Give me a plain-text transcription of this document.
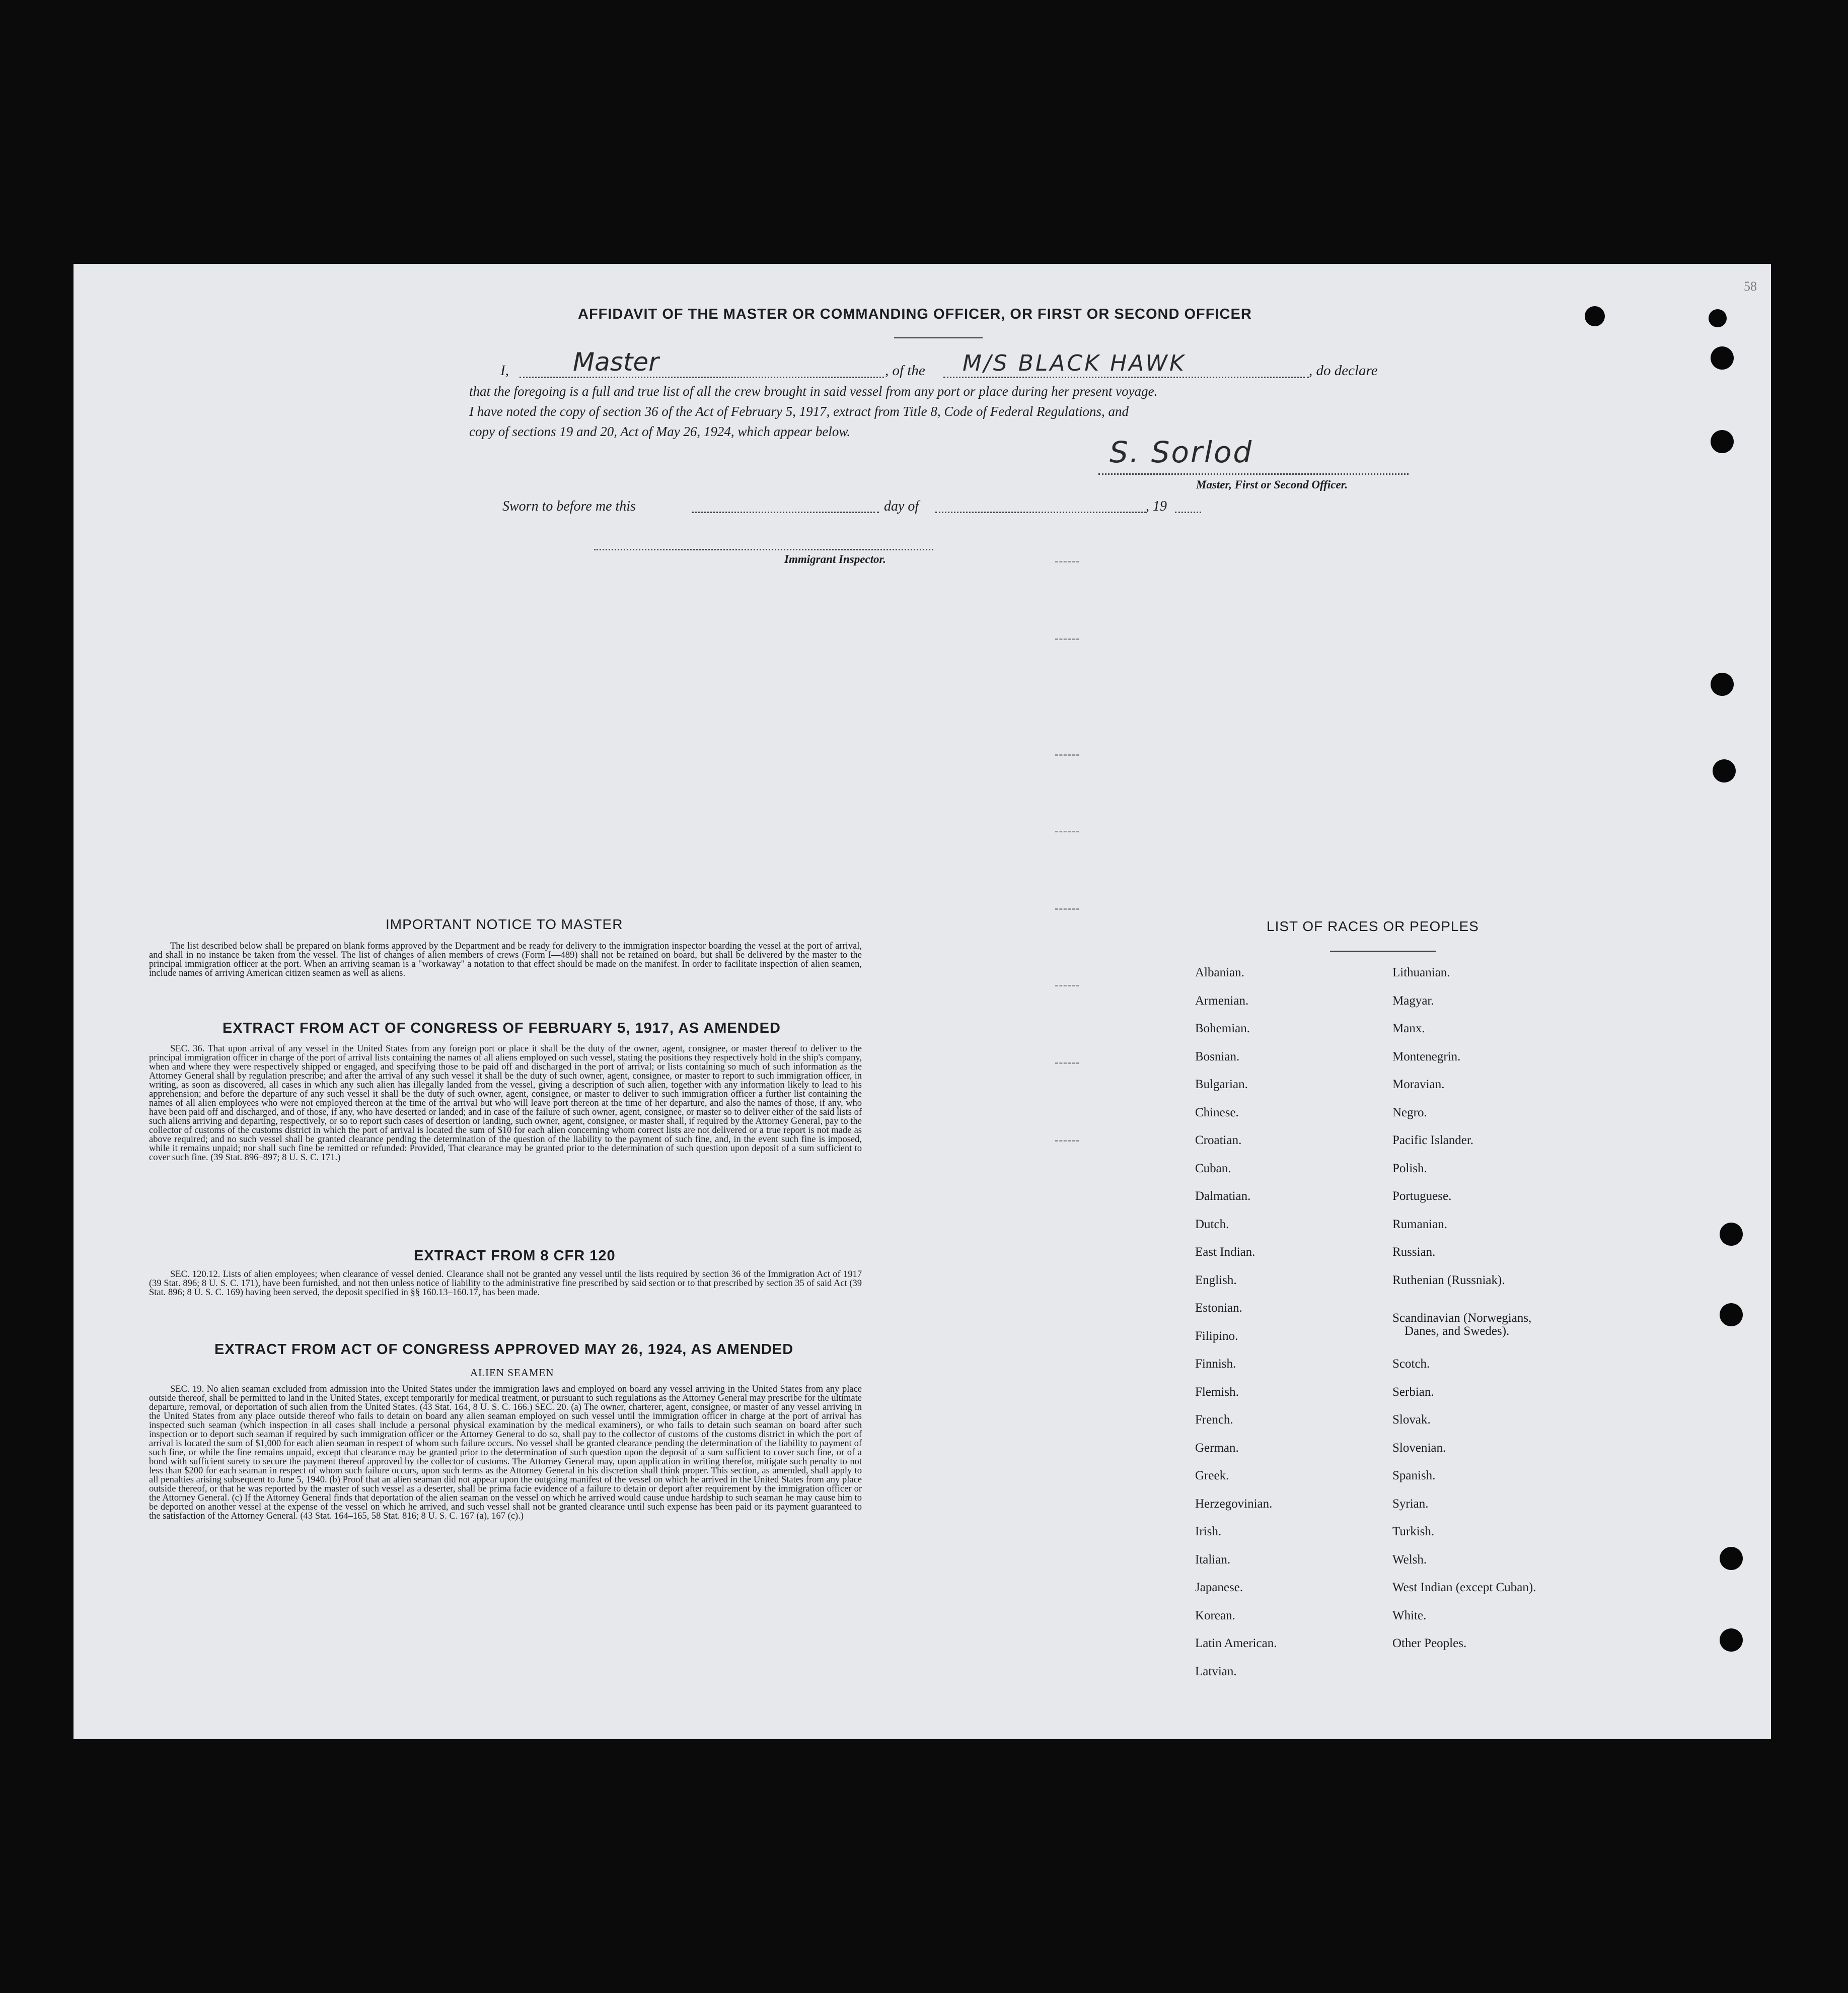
58
AFFIDAVIT OF THE MASTER OR COMMANDING OFFICER, OR FIRST OR SECOND OFFICER
I,	Master	, of the M/S BLACK HAWK	, do declare
that the foregoing is a full and true list of all the crew brought in said vessel from any port or place during her present voyage.
I have noted the copy of section 36 of the Act of February 5, 1917, extract from Title 8, Code of Federal Regulations, and
copy of sections 19 and 20, Act of May 26, 1924, which appear below.
S. Sorlod
Master, First or Second Officer.
Sworn to before me this	day of	, 19
Immigrant Inspector.
IMPORTANT NOTICE TO MASTER
The list described below shall be prepared on blank forms approved by the Department and be ready for delivery to the immigration inspector boarding the vessel at the port of arrival, and shall in no instance be taken from the vessel. The list of changes of alien members of crews (Form I—489) shall not be retained on board, but shall be delivered by the master to the principal immigration officer at the port. When an arriving seaman is a "workaway" a notation to that effect should be made on the manifest. In order to facilitate inspection of alien seamen, include names of arriving American citizen seamen as well as aliens.
EXTRACT FROM ACT OF CONGRESS OF FEBRUARY 5, 1917, AS AMENDED
SEC. 36. That upon arrival of any vessel in the United States from any foreign port or place it shall be the duty of the owner, agent, consignee, or master thereof to deliver to the principal immigration officer in charge of the port of arrival lists containing the names of all aliens employed on such vessel, stating the positions they respectively hold in the ship's company, when and where they were respectively shipped or engaged, and specifying those to be paid off and discharged in the port of arrival; or lists containing so much of such information as the Attorney General shall by regulation prescribe; and after the arrival of any such vessel it shall be the duty of such owner, agent, consignee, or master to report to such immigration officer, in writing, as soon as discovered, all cases in which any such alien has illegally landed from the vessel, giving a description of such alien, together with any information likely to lead to his apprehension; and before the departure of any such vessel it shall be the duty of such owner, agent, consignee, or master to deliver to such immigration officer a further list containing the names of all alien employees who were not employed thereon at the time of the arrival but who will leave port thereon at the time of her departure, and also the names of those, if any, who have been paid off and discharged, and of those, if any, who have deserted or landed; and in case of the failure of such owner, agent, consignee, or master so to deliver either of the said lists of such aliens arriving and departing, respectively, or so to report such cases of desertion or landing, such owner, agent, consignee, or master shall, if required by the Attorney General, pay to the collector of customs of the customs district in which the port of arrival is located the sum of $10 for each alien concerning whom correct lists are not delivered or a true report is not made as above required; and no such vessel shall be granted clearance pending the determination of the question of the liability to the payment of such fine, and, in the event such fine is imposed, while it remains unpaid; nor shall such fine be remitted or refunded: Provided, That clearance may be granted prior to the determination of such question upon deposit of a sum sufficient to cover such fine. (39 Stat. 896–897; 8 U. S. C. 171.)
EXTRACT FROM 8 CFR 120
SEC. 120.12. Lists of alien employees; when clearance of vessel denied. Clearance shall not be granted any vessel until the lists required by section 36 of the Immigration Act of 1917 (39 Stat. 896; 8 U. S. C. 171), have been furnished, and not then unless notice of liability to the administrative fine prescribed by said section or to that prescribed by section 35 of said Act (39 Stat. 896; 8 U. S. C. 169) having been served, the deposit specified in §§ 160.13–160.17, has been made.
EXTRACT FROM ACT OF CONGRESS APPROVED MAY 26, 1924, AS AMENDED
ALIEN SEAMEN
SEC. 19. No alien seaman excluded from admission into the United States under the immigration laws and employed on board any vessel arriving in the United States from any place outside thereof, shall be permitted to land in the United States, except temporarily for medical treatment, or pursuant to such regulations as the Attorney General may prescribe for the ultimate departure, removal, or deportation of such alien from the United States. (43 Stat. 164, 8 U. S. C. 166.) SEC. 20. (a) The owner, charterer, agent, consignee, or master of any vessel arriving in the United States from any place outside thereof who fails to detain on board any alien seaman employed on such vessel until the immigration officer in charge at the port of arrival has inspected such seaman (which inspection in all cases shall include a personal physical examination by the medical examiners), or who fails to detain such seaman on board after such inspection or to deport such seaman if required by such immigration officer or the Attorney General to do so, shall pay to the collector of customs of the customs district in which the port of arrival is located the sum of $1,000 for each alien seaman in respect of whom such failure occurs. No vessel shall be granted clearance pending the determination of the liability to payment of such fine, or while the fine remains unpaid, except that clearance may be granted prior to the determination of such question upon the deposit of a sum sufficient to cover such fine, or of a bond with sufficient surety to secure the payment thereof approved by the collector of customs. The Attorney General may, upon application in writing therefor, mitigate such penalty to not less than $200 for each seaman in respect of whom such failure occurs, upon such terms as the Attorney General in his discretion shall think proper. This section, as amended, shall apply to all penalties arising subsequent to June 5, 1940. (b) Proof that an alien seaman did not appear upon the outgoing manifest of the vessel on which he arrived in the United States from any place outside thereof, or that he was reported by the master of such vessel as a deserter, shall be prima facie evidence of a failure to detain or deport after requirement by the immigration officer or the Attorney General. (c) If the Attorney General finds that deportation of the alien seaman on the vessel on which he arrived would cause undue hardship to such seaman he may cause him to be deported on another vessel at the expense of the vessel on which he arrived, and such vessel shall not be granted clearance until such expense has been paid or its payment guaranteed to the satisfaction of the Attorney General. (43 Stat. 164–165, 58 Stat. 816; 8 U. S. C. 167 (a), 167 (c).)
LIST OF RACES OR PEOPLES
Albanian.
Armenian.
Bohemian.
Bosnian.
Bulgarian.
Chinese.
Croatian.
Cuban.
Dalmatian.
Dutch.
East Indian.
English.
Estonian.
Filipino.
Finnish.
Flemish.
French.
German.
Greek.
Herzegovinian.
Irish.
Italian.
Japanese.
Korean.
Latin American.
Latvian.
Lithuanian.
Magyar.
Manx.
Montenegrin.
Moravian.
Negro.
Pacific Islander.
Polish.
Portuguese.
Rumanian.
Russian.
Ruthenian (Russniak).
Scandinavian (Norwegians,
Danes, and Swedes).
Scotch.
Serbian.
Slovak.
Slovenian.
Spanish.
Syrian.
Turkish.
Welsh.
West Indian (except Cuban).
White.
Other Peoples.
